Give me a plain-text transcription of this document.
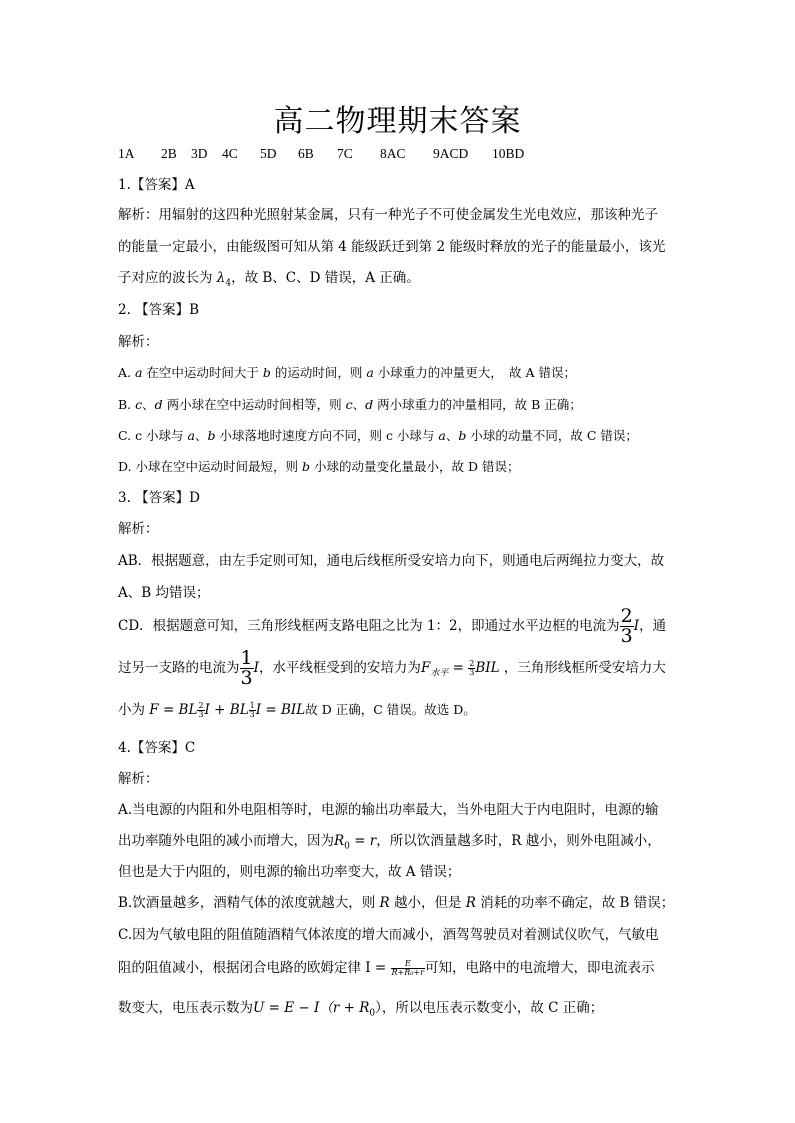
高二物理期末答案
1A 2B 3D 4C 5D 6B 7C 8AC 9ACD 10BD
1.【答案】A
解析：用辐射的这四种光照射某金属，只有一种光子不可使金属发生光电效应，那该种光子
的能量一定最小，由能级图可知从第 4 能级跃迁到第 2 能级时释放的光子的能量最小，该光
子对应的波长为 $\lambda_4$，故 B、C、D 错误，A 正确。
2. 【答案】B
解析：
A. a 在空中运动时间大于 b 的运动时间，则 a 小球重力的冲量更大，　故 A 错误；
B. c、d 两小球在空中运动时间相等，则 c、d 两小球重力的冲量相同，故 B 正确；
C. c 小球与 a、b 小球落地时速度方向不同，则 c 小球与 a、b 小球的动量不同，故 C 错误；
D. 小球在空中运动时间最短，则 b 小球的动量变化量最小，故 D 错误；
3. 【答案】D
解析：
AB．根据题意，由左手定则可知，通电后线框所受安培力向下，则通电后两绳拉力变大，故
A、B 均错误；
CD．根据题意可知，三角形线框两支路电阻之比为 1：2，即通过水平边框的电流为 $\frac{2}{3}$ I，通
过另一支路的电流为 $\frac{1}{3}$ I，水平线框受到的安培力为$F_{水平} = \frac{2}{3}$ BIL ，三角形线框所受安培力大
小为 F = BL $\frac{2}{3}$ I + BL $\frac{1}{3}$ I = BIL故 D 正确，C 错误。故选 D。
4.【答案】C
解析：
A.当电源的内阻和外电阻相等时，电源的输出功率最大，当外电阻大于内电阻时，电源的输
出功率随外电阻的减小而增大，因为$R_0 = r$，所以饮酒量越多时，R 越小，则外电阻减小，
但也是大于内阻的，则电源的输出功率变大，故 A 错误；
B.饮酒量越多，酒精气体的浓度就越大，则 R 越小，但是 R 消耗的功率不确定，故 B 错误；
C.因为气敏电阻的阻值随酒精气体浓度的增大而减小，酒驾驾驶员对着测试仪吹气，气敏电
阻的阻值减小，根据闭合电路的欧姆定律 $I = \frac{E}{\text{R+R₀+r}}$ 可知，电路中的电流增大，即电流表示
数变大，电压表示数为$U = E - I(r + R_0)$，所以电压表示数变小，故 C 正确；
